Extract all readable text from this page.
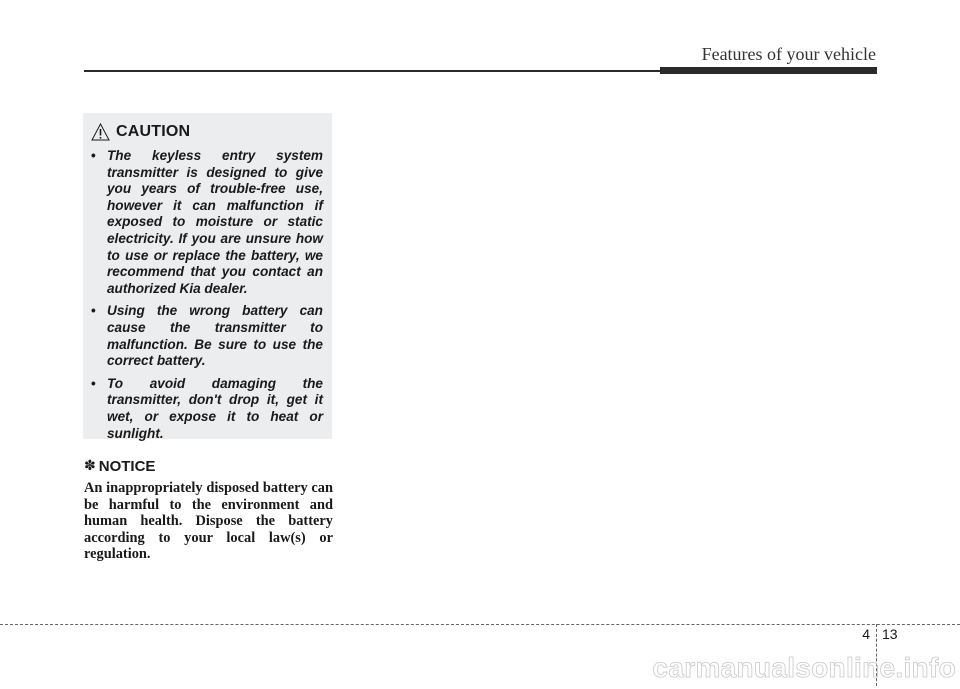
Features of your vehicle
CAUTION
• The keyless entry system transmitter is designed to give you years of trouble-free use, however it can malfunction if exposed to moisture or static electricity. If you are unsure how to use or replace the battery, we recommend that you contact an authorized Kia dealer.
• Using the wrong battery can cause the transmitter to malfunction. Be sure to use the correct battery.
• To avoid damaging the transmitter, don't drop it, get it wet, or expose it to heat or sunlight.
✽ NOTICE

An inappropriately disposed battery can be harmful to the environment and human health. Dispose the battery according to your local law(s) or regulation.

4 13
carmanualsonline.info
